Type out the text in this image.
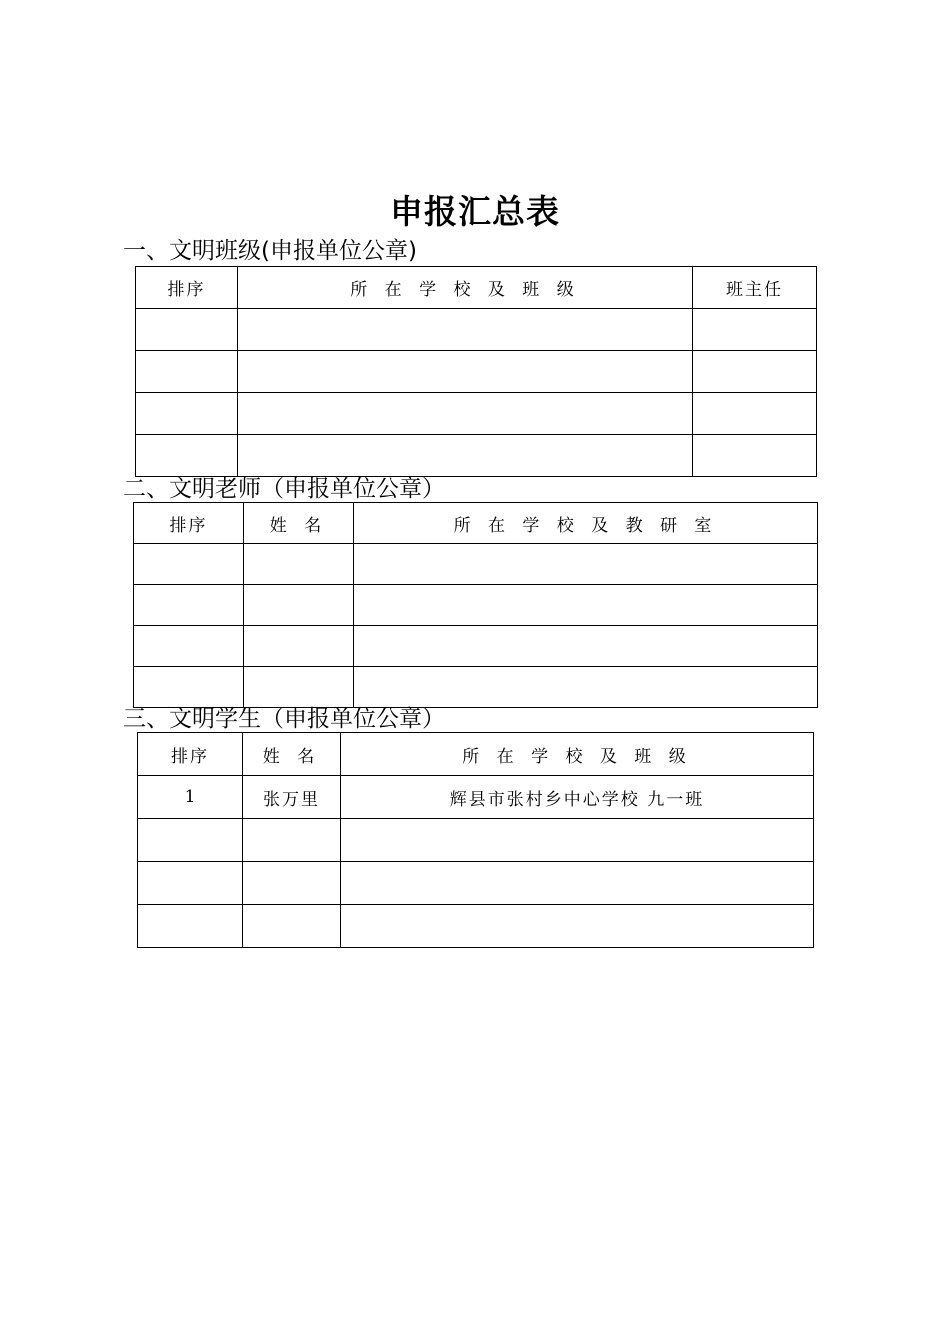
申报汇总表
一、文明班级(申报单位公章)
排序	所 在 学 校 及 班 级	班主任

二、文明老师（申报单位公章）
排序	姓 名	所 在 学 校 及 教 研 室

三、文明学生（申报单位公章）
排序	姓 名	所 在 学 校 及 班 级
1	张万里	辉县市张村乡中心学校 九一班
